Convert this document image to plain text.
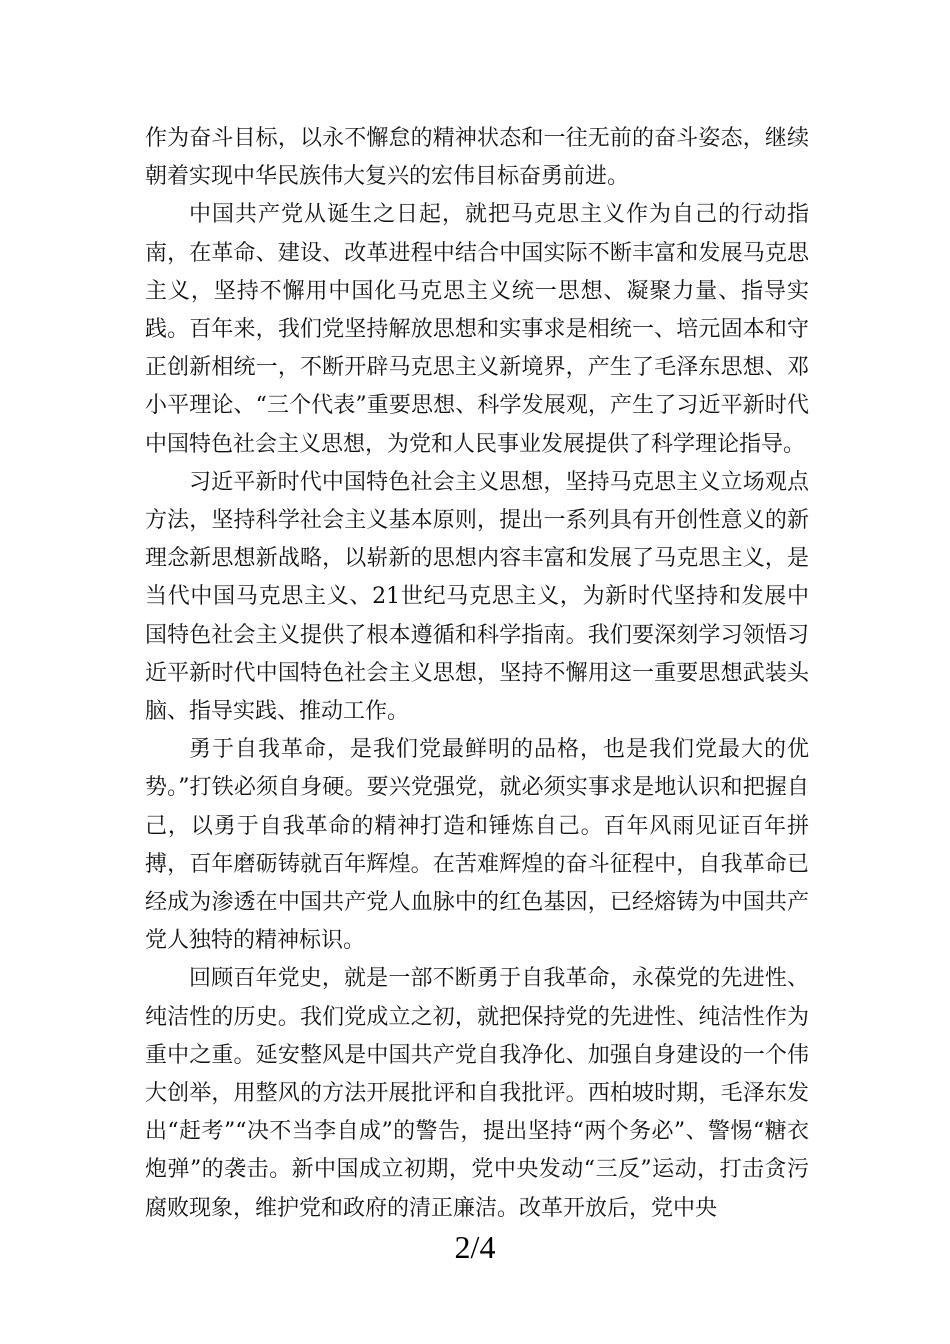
作为奋斗目标，以永不懈怠的精神状态和一往无前的奋斗姿态，继续朝着实现中华民族伟大复兴的宏伟目标奋勇前进。

中国共产党从诞生之日起，就把马克思主义作为自己的行动指南，在革命、建设、改革进程中结合中国实际不断丰富和发展马克思主义，坚持不懈用中国化马克思主义统一思想、凝聚力量、指导实践。百年来，我们党坚持解放思想和实事求是相统一、培元固本和守正创新相统一，不断开辟马克思主义新境界，产生了毛泽东思想、邓小平理论、“三个代表”重要思想、科学发展观，产生了习近平新时代中国特色社会主义思想，为党和人民事业发展提供了科学理论指导。

习近平新时代中国特色社会主义思想，坚持马克思主义立场观点方法，坚持科学社会主义基本原则，提出一系列具有开创性意义的新理念新思想新战略，以崭新的思想内容丰富和发展了马克思主义，是当代中国马克思主义、21世纪马克思主义，为新时代坚持和发展中国特色社会主义提供了根本遵循和科学指南。我们要深刻学习领悟习近平新时代中国特色社会主义思想，坚持不懈用这一重要思想武装头脑、指导实践、推动工作。

勇于自我革命，是我们党最鲜明的品格，也是我们党最大的优势。”打铁必须自身硬。要兴党强党，就必须实事求是地认识和把握自己，以勇于自我革命的精神打造和锤炼自己。百年风雨见证百年拼搏，百年磨砺铸就百年辉煌。在苦难辉煌的奋斗征程中，自我革命已经成为渗透在中国共产党人血脉中的红色基因，已经熔铸为中国共产党人独特的精神标识。

回顾百年党史，就是一部不断勇于自我革命，永葆党的先进性、纯洁性的历史。我们党成立之初，就把保持党的先进性、纯洁性作为重中之重。延安整风是中国共产党自我净化、加强自身建设的一个伟大创举，用整风的方法开展批评和自我批评。西柏坡时期，毛泽东发出“赶考”“决不当李自成”的警告，提出坚持“两个务必”、警惕“糖衣炮弹”的袭击。新中国成立初期，党中央发动“三反”运动，打击贪污腐败现象，维护党和政府的清正廉洁。改革开放后，党中央

2/4
